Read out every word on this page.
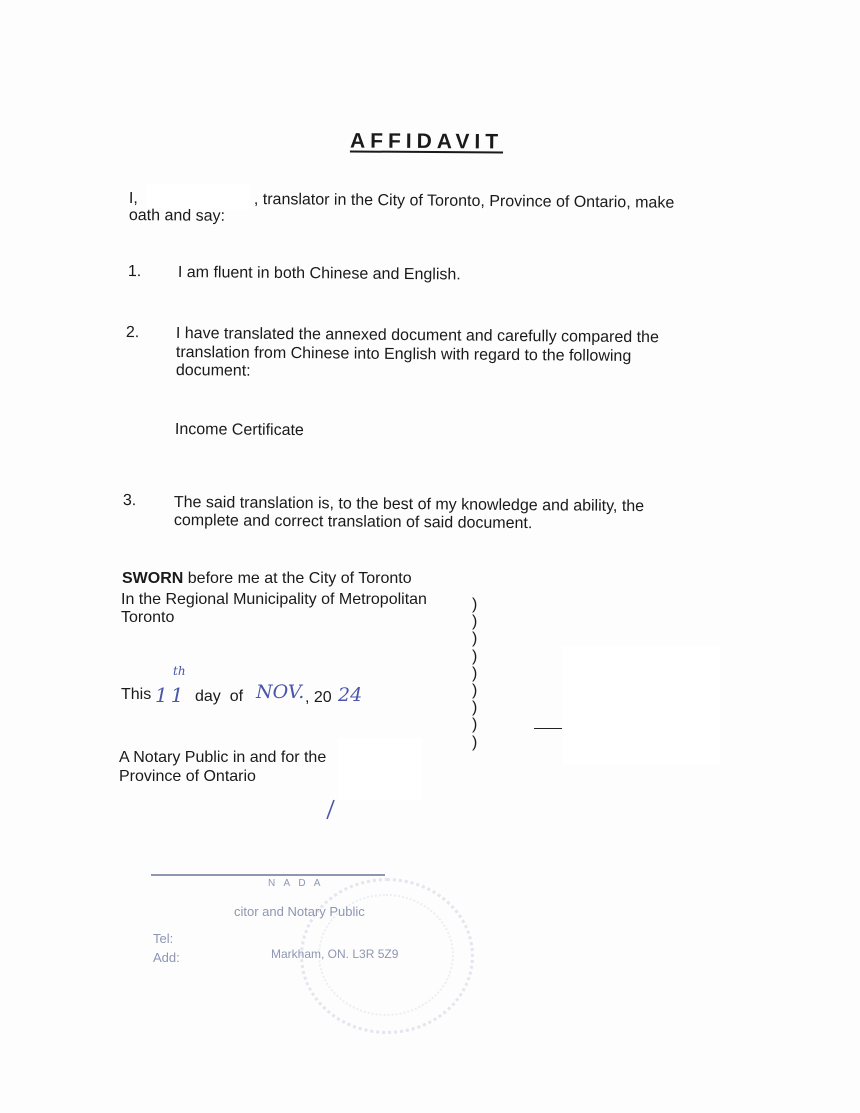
AFFIDAVIT
I,	, translator in the City of Toronto, Province of Ontario, make
oath and say:
1. I am fluent in both Chinese and English.
2. I have translated the annexed document and carefully compared the
translation from Chinese into English with regard to the following
document:
Income Certificate
3. The said translation is, to the best of my knowledge and ability, the
complete and correct translation of said document.
SWORN before me at the City of Toronto
In the Regional Municipality of Metropolitan
Toronto
)
)
)
)
)
)
)
)
)
This 11
th
day  of NOV. , 20 24
A Notary Public in and for the
Province of Ontario
N A D A
citor and Notary Public
Tel:
Add:	Markham, ON. L3R 5Z9
